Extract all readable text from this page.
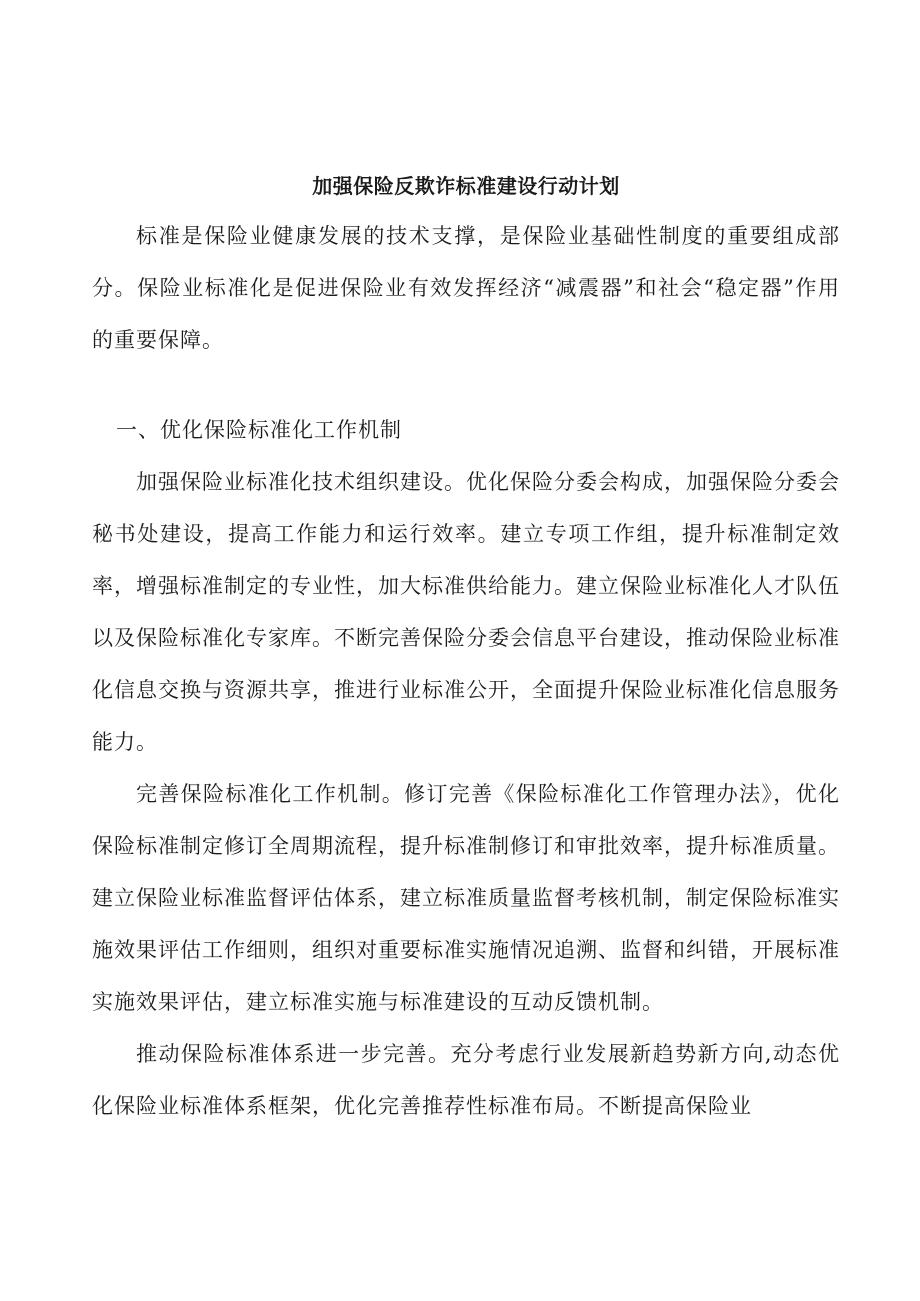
加强保险反欺诈标准建设行动计划

标准是保险业健康发展的技术支撑，是保险业基础性制度的重要组成部分。保险业标准化是促进保险业有效发挥经济“减震器”和社会“稳定器”作用的重要保障。

一、优化保险标准化工作机制

加强保险业标准化技术组织建设。优化保险分委会构成，加强保险分委会秘书处建设，提高工作能力和运行效率。建立专项工作组，提升标准制定效率，增强标准制定的专业性，加大标准供给能力。建立保险业标准化人才队伍以及保险标准化专家库。不断完善保险分委会信息平台建设，推动保险业标准化信息交换与资源共享，推进行业标准公开，全面提升保险业标准化信息服务能力。

完善保险标准化工作机制。修订完善《保险标准化工作管理办法》，优化保险标准制定修订全周期流程，提升标准制修订和审批效率，提升标准质量。建立保险业标准监督评估体系，建立标准质量监督考核机制，制定保险标准实施效果评估工作细则，组织对重要标准实施情况追溯、监督和纠错，开展标准实施效果评估，建立标准实施与标准建设的互动反馈机制。

推动保险标准体系进一步完善。充分考虑行业发展新趋势新方向,动态优化保险业标准体系框架，优化完善推荐性标准布局。不断提高保险业
